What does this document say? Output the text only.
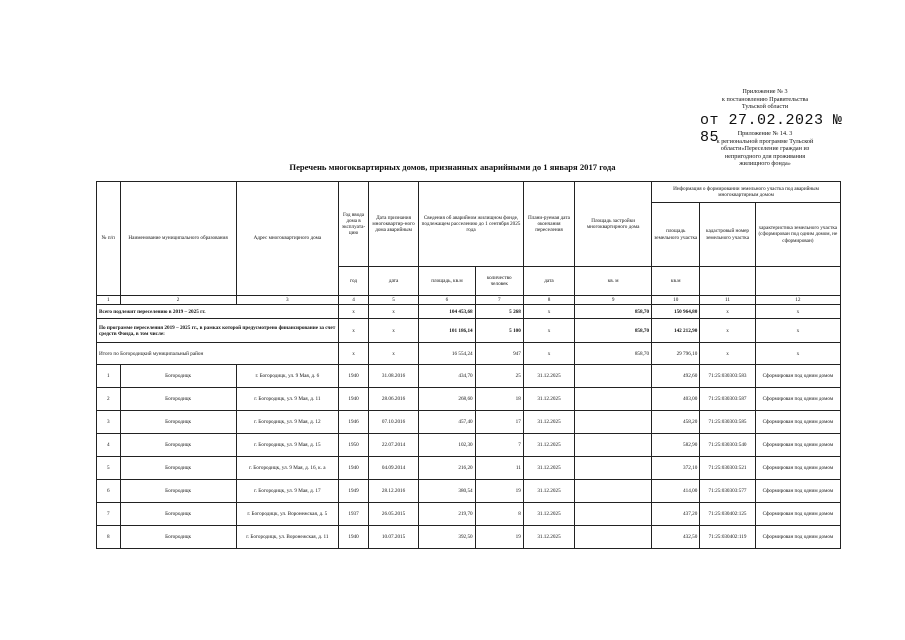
Приложение № 3
к постановлению Правительства
Тульской области
от 27.02.2023 № 85	Приложение № 14. 3
к региональной программе Тульской
области«Переселение граждан из
непригодного для проживания
жилищного фонда»
Перечень многоквартирных домов, признанных аварийными до 1 января 2017 года
№ п/п	Наименование муниципального образования	Адрес многоквартирного дома	Год ввода дома в эксплуата-цию	Дата признания многоквартир-ного дома аварийным	Сведения об аварийном жилищном фонде, подлежащем расселению до 1 сентября 2025 года		Плани-руемая дата окончания переселения	Площадь застройки многоквартирного дома	Информация о формировании земельного участка под аварийным многоквартирным домом		
									площадь земельного участка	кадастровый номер земельного участка	характеристика земельного участка (сформирован под одним домом, не сформирован)
			год	дата	площадь, кв.м	количество человек	дата	кв. м	кв.м		
1	2	3	4	5	6	7	8	9	10	11	12
Всего подлежит переселению в 2019 – 2025 гг.			x	x	104 453,68	5 268	x	858,70	150 964,80	x	x
По программе переселения 2019 – 2025 гг., в рамках которой предусмотрено финансирование за счет средств Фонда, в том числе:			x	x	101 186,14	5 100	x	858,70	142 212,90	x	x
Итого по Богородицкий муниципальный район			x	x	16 554,24	947	x	858,70	29 796,10	x	x
1	Богородицк	г. Богородицк, ул. 9 Мая, д. 6	1940	31.08.2016	434,70	25	31.12.2025		492,60	71:25:030303:583	Сформирован под одним домом
2	Богородицк	г. Богородицк, ул. 9 Мая, д. 11	1940	28.06.2016	268,60	18	31.12.2025		403,00	71:25:030303:587	Сформирован под одним домом
3	Богородицк	г. Богородицк, ул. 9 Мая, д. 12	1946	07.10.2016	457,40	17	31.12.2025		458,20	71:25:030303:585	Сформирован под одним домом
4	Богородицк	г. Богородицк, ул. 9 Мая, д. 15	1950	22.07.2014	102,30	7	31.12.2025		582,90	71:25:030303:540	Сформирован под одним домом
5	Богородицк	г. Богородицк, ул. 9 Мая, д. 16, к. а	1940	04.09.2014	216,20	11	31.12.2025		372,10	71:25:030303:521	Сформирован под одним домом
6	Богородицк	г. Богородицк, ул. 9 Мая, д. 17	1949	28.12.2016	380,54	19	31.12.2025		414,00	71:25:030303:577	Сформирован под одним домом
7	Богородицк	г. Богородицк, ул. Воронежская, д. 5	1937	26.05.2015	219,70	8	31.12.2025		437,20	71:25:030402:125	Сформирован под одним домом
8	Богородицк	г. Богородицк, ул. Воронежская, д. 11	1940	10.07.2015	392,50	19	31.12.2025		432,50	71:25:030402:119	Сформирован под одним домом
